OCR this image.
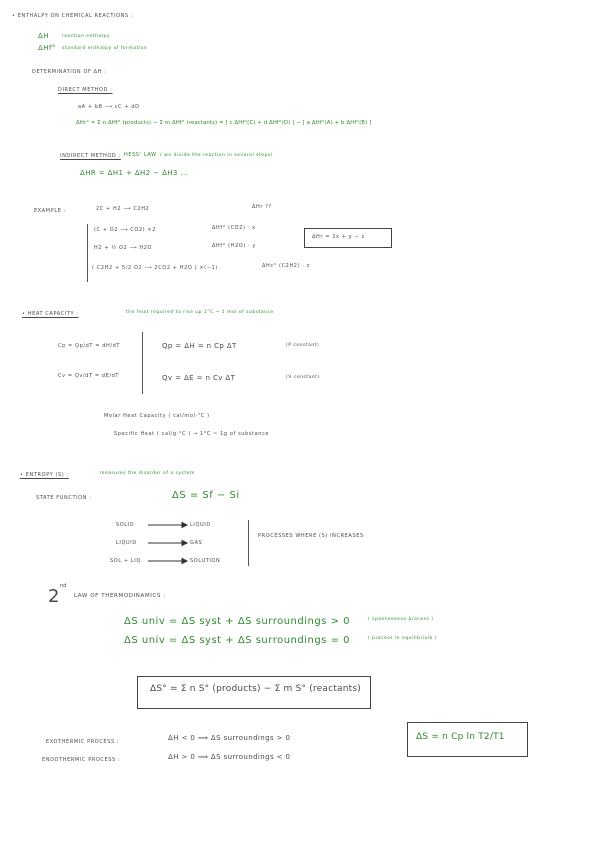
• ENTHALPY ON CHEMICAL REACTIONS :
ΔH	reaction enthalpy
ΔHf° standard enthalpy of formation
DETERMINATION OF ΔH :
DIRECT METHOD :
aA + bB ⟶ cC + dD
ΔHr° = Σ n ΔHf° (products) − Σ m ΔHf° (reactants) = [ c ΔHf°(C) + d ΔHf°(D) ] − [ a ΔHf°(A) + b ΔHf°(B) ]
INDIRECT METHOD : HESS' LAW ( we divide the reaction in several steps)
ΔHR = ΔH1 + ΔH2 − ΔH3 ...
EXAMPLE :	2C + H2 ⟶ C2H2	ΔHr ??
(C + O2 ⟶ CO2) ×2	ΔHf° (CO2) · x
H2 + ½ O2 ⟶ H2O	ΔHf° (H2O) · y
( C2H2 + 5/2 O2 ⟶ 2CO2 + H2O ) ×(−1)	ΔHc° (C2H2) · z
ΔHr = 2x + y − z
• HEAT CAPACITY :	the heat required to rise up 1°C ~ 1 mol of substance
Cp = Qp/dT = dH/dT
Cv = Qv/dT = dE/dT
Qp = ΔH = n Cp ΔT	(P constant)
Qv = ΔE = n Cv ΔT	(V constant)
Molar Heat Capacity ( cal/mol·°C )
Specific Heat ( cal/g·°C ) → 1°C ~ 1g of substance
• ENTROPY (S) :	measures the disorder of a system
STATE FUNCTION :	ΔS = Sf − Si
SOLID	LIQUID
LIQUID	GAS
SOL + LIQ	SOLUTION
PROCESSES WHERE (S) INCREASES
2 nd
LAW OF THERMODINAMICS :
ΔS univ = ΔS syst + ΔS surroundings > 0	( spontaneous process )
ΔS univ = ΔS syst + ΔS surroundings = 0	( process in equilibrium )
ΔS° = Σ n S° (products) − Σ m S° (reactants)
ΔS = n Cp ln T2/T1
EXOTHERMIC PROCESS :	ΔH < 0 ⟹ ΔS surroundings > 0
ENDOTHERMIC PROCESS :	ΔH > 0 ⟹ ΔS surroundings < 0
